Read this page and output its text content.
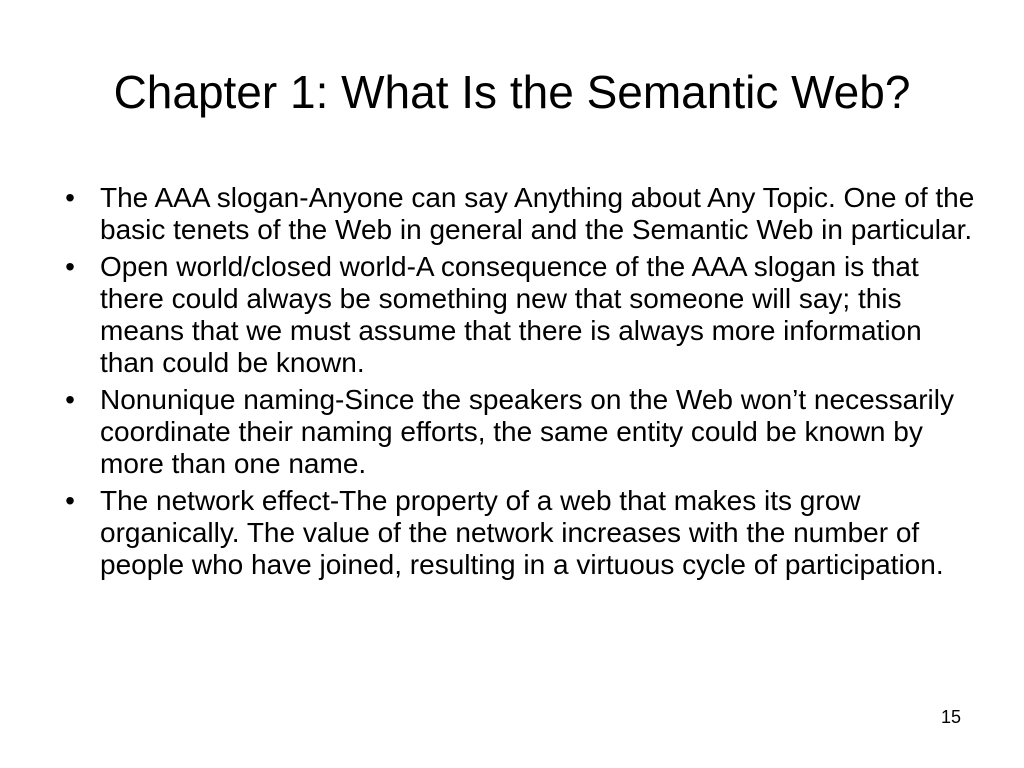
Chapter 1: What Is the Semantic Web?
• The AAA slogan-Anyone can say Anything about Any Topic. One of the basic tenets of the Web in general and the Semantic Web in particular.
• Open world/closed world-A consequence of the AAA slogan is that there could always be something new that someone will say; this means that we must assume that there is always more information than could be known.
• Nonunique naming-Since the speakers on the Web won’t necessarily coordinate their naming efforts, the same entity could be known by more than one name.
• The network effect-The property of a web that makes its grow organically. The value of the network increases with the number of people who have joined, resulting in a virtuous cycle of participation.
15
